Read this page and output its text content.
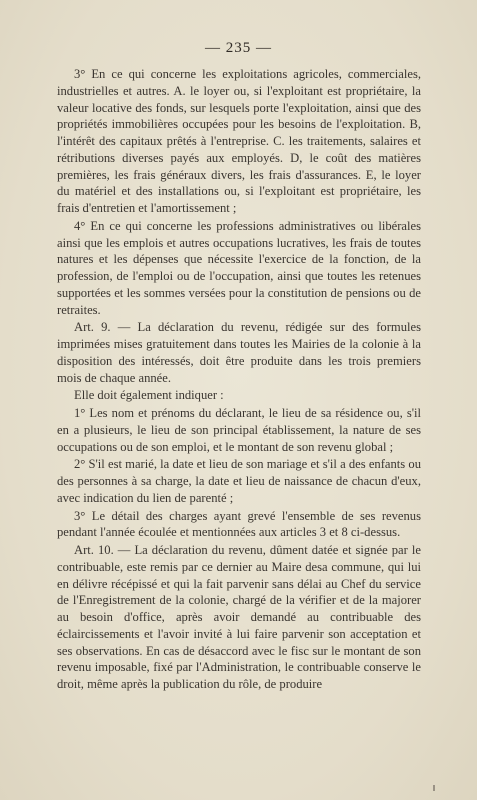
— 235 —

3° En ce qui concerne les exploitations agricoles, commerciales, industrielles et autres. A. le loyer ou, si l'exploitant est propriétaire, la valeur locative des fonds, sur lesquels porte l'exploitation, ainsi que des propriétés immobilières occupées pour les besoins de l'exploitation. B, l'intérêt des capitaux prêtés à l'entreprise. C. les traitements, salaires et rétributions diverses payés aux employés. D, le coût des matières premières, les frais généraux divers, les frais d'assurances. E, le loyer du matériel et des installations ou, si l'exploitant est propriétaire, les frais d'entretien et l'amortissement ;

4° En ce qui concerne les professions administratives ou libérales ainsi que les emplois et autres occupations lucratives, les frais de toutes natures et les dépenses que nécessite l'exercice de la fonction, de la profession, de l'emploi ou de l'occupation, ainsi que toutes les retenues supportées et les sommes versées pour la constitution de pensions ou de retraites.

Art. 9. — La déclaration du revenu, rédigée sur des formules imprimées mises gratuitement dans toutes les Mairies de la colonie à la disposition des intéressés, doit être produite dans les trois premiers mois de chaque année.

Elle doit également indiquer :

1° Les nom et prénoms du déclarant, le lieu de sa résidence ou, s'il en a plusieurs, le lieu de son principal établissement, la nature de ses occupations ou de son emploi, et le montant de son revenu global ;

2° S'il est marié, la date et lieu de son mariage et s'il a des enfants ou des personnes à sa charge, la date et lieu de naissance de chacun d'eux, avec indication du lien de parenté ;

3° Le détail des charges ayant grevé l'ensemble de ses revenus pendant l'année écoulée et mentionnées aux articles 3 et 8 ci-dessus.

Art. 10. — La déclaration du revenu, dûment datée et signée par le contribuable, este remis par ce dernier au Maire desa commune, qui lui en délivre récépissé et qui la fait parvenir sans délai au Chef du service de l'Enregistrement de la colonie, chargé de la vérifier et de la majorer au besoin d'office, après avoir demandé au contribuable des éclaircissements et l'avoir invité à lui faire parvenir son acceptation et ses observations. En cas de désaccord avec le fisc sur le montant de son revenu imposable, fixé par l'Administration, le contribuable conserve le droit, même après la publication du rôle, de produire
